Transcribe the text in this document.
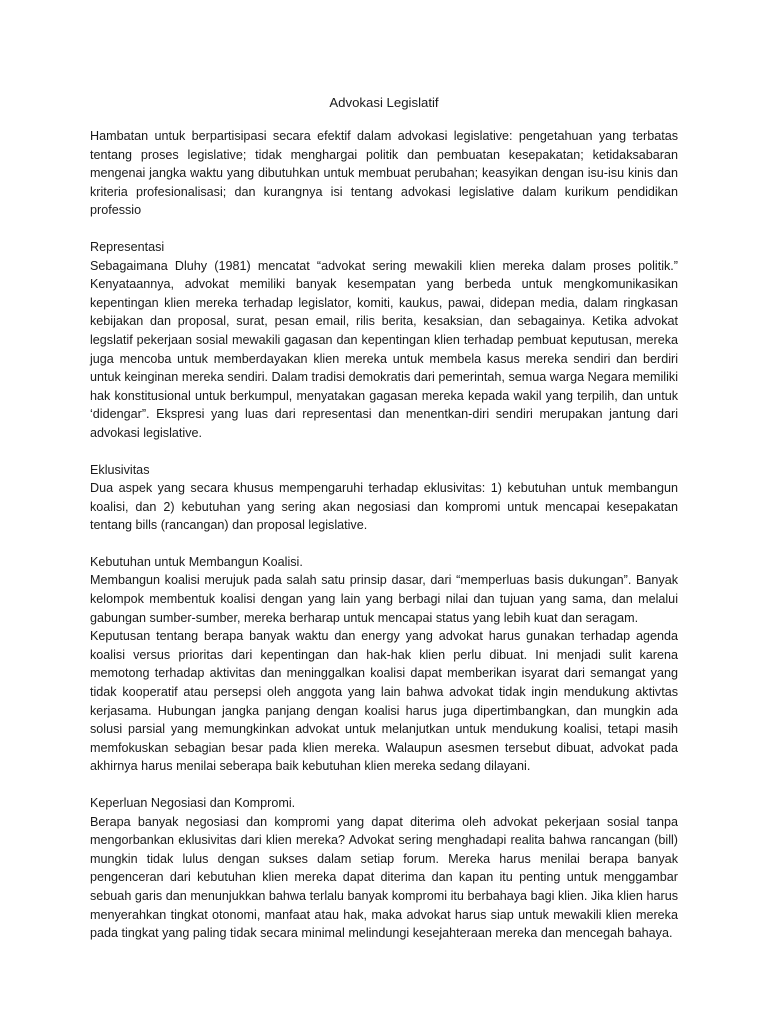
Advokasi Legislatif

Hambatan untuk berpartisipasi secara efektif dalam advokasi legislative: pengetahuan yang terbatas tentang proses legislative; tidak menghargai politik dan pembuatan kesepakatan; ketidaksabaran mengenai jangka waktu yang dibutuhkan untuk membuat perubahan; keasyikan dengan isu-isu kinis dan kriteria profesionalisasi; dan kurangnya isi tentang advokasi legislative dalam kurikum pendidikan professio

Representasi

Sebagaimana Dluhy (1981) mencatat “advokat sering mewakili klien mereka dalam proses politik.” Kenyataannya, advokat memiliki banyak kesempatan yang berbeda untuk mengkomunikasikan kepentingan klien mereka terhadap legislator, komiti, kaukus, pawai, didepan media, dalam ringkasan kebijakan dan proposal, surat, pesan email, rilis berita, kesaksian, dan sebagainya. Ketika advokat legslatif pekerjaan sosial mewakili gagasan dan kepentingan klien terhadap pembuat keputusan, mereka juga mencoba untuk memberdayakan klien mereka untuk membela kasus mereka sendiri dan berdiri untuk keinginan mereka sendiri. Dalam tradisi demokratis dari pemerintah, semua warga Negara memiliki hak konstitusional untuk berkumpul, menyatakan gagasan mereka kepada wakil yang terpilih, dan untuk ‘didengar”. Ekspresi yang luas dari representasi dan menentkan-diri sendiri merupakan jantung dari advokasi legislative.

Eklusivitas

Dua aspek yang secara khusus mempengaruhi terhadap eklusivitas: 1) kebutuhan untuk membangun koalisi, dan 2) kebutuhan yang sering akan negosiasi dan kompromi untuk mencapai kesepakatan tentang bills (rancangan) dan proposal legislative.

Kebutuhan untuk Membangun Koalisi.

Membangun koalisi merujuk pada salah satu prinsip dasar, dari “memperluas basis dukungan”. Banyak kelompok membentuk koalisi dengan yang lain yang berbagi nilai dan tujuan yang sama, dan melalui gabungan sumber-sumber, mereka berharap untuk mencapai status yang lebih kuat dan seragam.

Keputusan tentang berapa banyak waktu dan energy yang advokat harus gunakan terhadap agenda koalisi versus prioritas dari kepentingan dan hak-hak klien perlu dibuat. Ini menjadi sulit karena memotong terhadap aktivitas dan meninggalkan koalisi dapat memberikan isyarat dari semangat yang tidak kooperatif atau persepsi oleh anggota yang lain bahwa advokat tidak ingin mendukung aktivtas kerjasama. Hubungan jangka panjang dengan koalisi harus juga dipertimbangkan, dan mungkin ada solusi parsial yang memungkinkan advokat untuk melanjutkan untuk mendukung koalisi, tetapi masih memfokuskan sebagian besar pada klien mereka. Walaupun asesmen tersebut dibuat, advokat pada akhirnya harus menilai seberapa baik kebutuhan klien mereka sedang dilayani.

Keperluan Negosiasi dan Kompromi.

Berapa banyak negosiasi dan kompromi yang dapat diterima oleh advokat pekerjaan sosial tanpa mengorbankan eklusivitas dari klien mereka? Advokat sering menghadapi realita bahwa rancangan (bill) mungkin tidak lulus dengan sukses dalam setiap forum. Mereka harus menilai berapa banyak pengenceran dari kebutuhan klien mereka dapat diterima dan kapan itu penting untuk menggambar sebuah garis dan menunjukkan bahwa terlalu banyak kompromi itu berbahaya bagi klien. Jika klien harus menyerahkan tingkat otonomi, manfaat atau hak, maka advokat harus siap untuk mewakili klien mereka pada tingkat yang paling tidak secara minimal melindungi kesejahteraan mereka dan mencegah bahaya.
